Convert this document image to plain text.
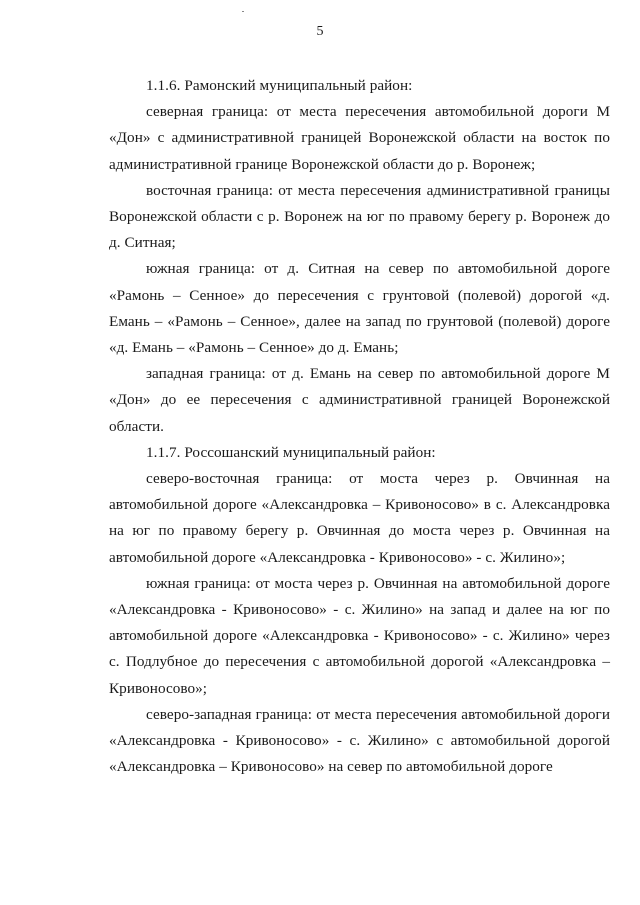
5

1.1.6. Рамонский муниципальный район:

северная граница: от места пересечения автомобильной дороги М «Дон» с административной границей Воронежской области на восток по административной границе Воронежской области до р. Воронеж;

восточная граница: от места пересечения административной границы Воронежской области с р. Воронеж на юг по правому берегу р. Воронеж до д. Ситная;

южная граница: от д. Ситная на север по автомобильной дороге «Рамонь – Сенное» до пересечения с грунтовой (полевой) дорогой «д. Емань – «Рамонь – Сенное», далее на запад по грунтовой (полевой) дороге «д. Емань – «Рамонь – Сенное» до д. Емань;

западная граница: от д. Емань на север по автомобильной дороге М «Дон» до ее пересечения с административной границей Воронежской области.

1.1.7. Россошанский муниципальный район:

северо-восточная граница: от моста через р. Овчинная на автомобильной дороге «Александровка – Кривоносово» в с. Александровка на юг по правому берегу р. Овчинная до моста через р. Овчинная на автомобильной дороге «Александровка - Кривоносово» - с. Жилино»;

южная граница: от моста через р. Овчинная на автомобильной дороге «Александровка - Кривоносово» - с. Жилино» на запад и далее на юг по автомобильной дороге «Александровка - Кривоносово» - с. Жилино» через с. Подлубное до пересечения с автомобильной дорогой «Александровка – Кривоносово»;

северо-западная граница: от места пересечения автомобильной дороги «Александровка - Кривоносово» - с. Жилино» с автомобильной дорогой «Александровка – Кривоносово» на север по автомобильной дороге
